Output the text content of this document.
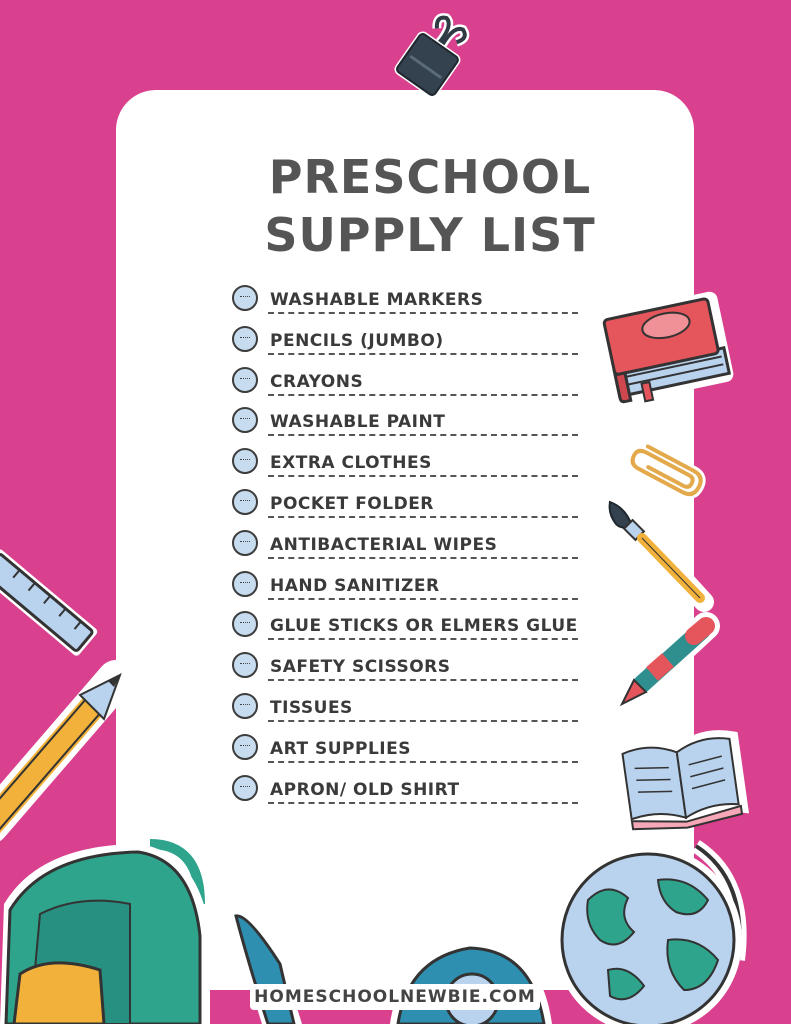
PRESCHOOL
SUPPLY LIST
WASHABLE MARKERS
PENCILS (JUMBO)
CRAYONS
WASHABLE PAINT
EXTRA CLOTHES
POCKET FOLDER
ANTIBACTERIAL WIPES
HAND SANITIZER
GLUE STICKS OR ELMERS GLUE
SAFETY SCISSORS
TISSUES
ART SUPPLIES
APRON/ OLD SHIRT
HOMESCHOOLNEWBIE.COM
